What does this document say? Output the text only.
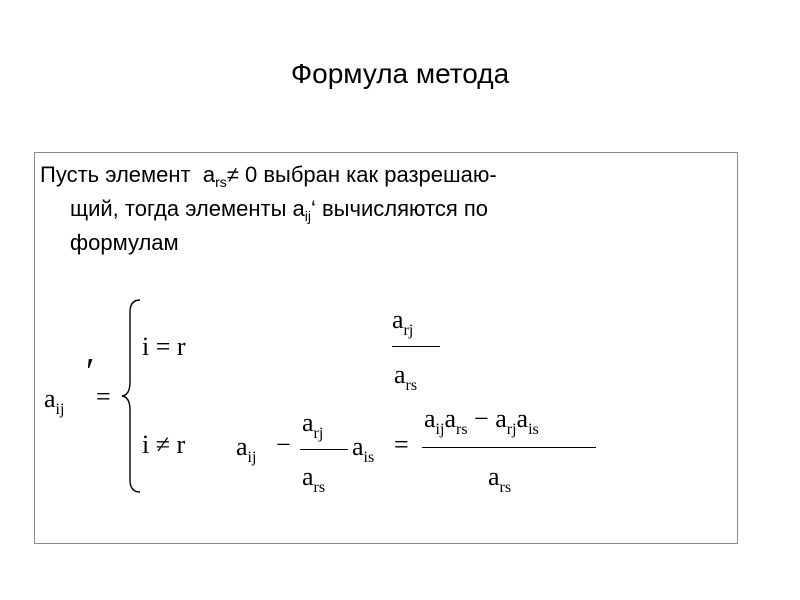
Формула метода
Пусть элемент $a_{rs}\ne 0$ выбран как разрешаю-
щий, тогда элементы $a_{ij}‘$ вычисляются по
формулам
$a_{ij}$
′
=
i = r
$a_{rj}$
$a_{rs}$
i ≠ r $a_{ij}$ −
$a_{rj}$
$a_{rs}$
$a_{is}$ =
$a_{ij}a_{rs} - a_{rj}a_{is}$
$a_{rs}$
